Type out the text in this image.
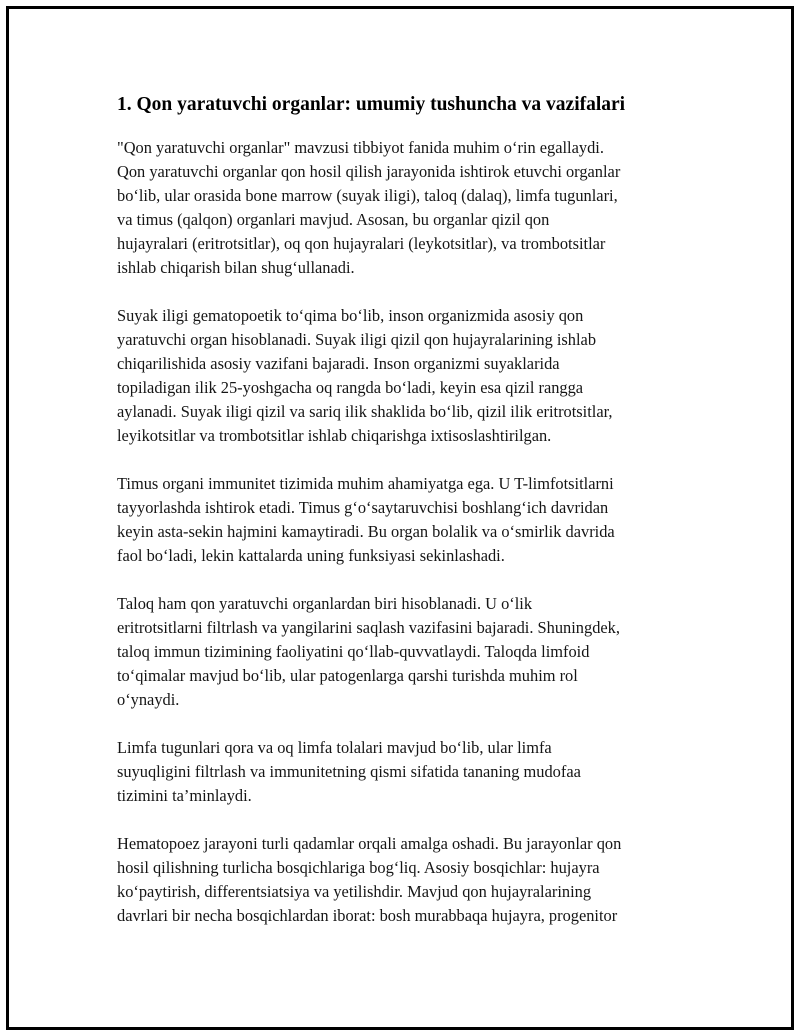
1. Qon yaratuvchi organlar: umumiy tushuncha va vazifalari

"Qon yaratuvchi organlar" mavzusi tibbiyot fanida muhim o‘rin egallaydi.
Qon yaratuvchi organlar qon hosil qilish jarayonida ishtirok etuvchi organlar
bo‘lib, ular orasida bone marrow (suyak iligi), taloq (dalaq), limfa tugunlari,
va timus (qalqon) organlari mavjud. Asosan, bu organlar qizil qon
hujayralari (eritrotsitlar), oq qon hujayralari (leykotsitlar), va trombotsitlar
ishlab chiqarish bilan shug‘ullanadi.

Suyak iligi gematopoetik to‘qima bo‘lib, inson organizmida asosiy qon
yaratuvchi organ hisoblanadi. Suyak iligi qizil qon hujayralarining ishlab
chiqarilishida asosiy vazifani bajaradi. Inson organizmi suyaklarida
topiladigan ilik 25-yoshgacha oq rangda bo‘ladi, keyin esa qizil rangga
aylanadi. Suyak iligi qizil va sariq ilik shaklida bo‘lib, qizil ilik eritrotsitlar,
leyikotsitlar va trombotsitlar ishlab chiqarishga ixtisoslashtirilgan.

Timus organi immunitet tizimida muhim ahamiyatga ega. U T-limfotsitlarni
tayyorlashda ishtirok etadi. Timus g‘o‘saytaruvchisi boshlang‘ich davridan
keyin asta-sekin hajmini kamaytiradi. Bu organ bolalik va o‘smirlik davrida
faol bo‘ladi, lekin kattalarda uning funksiyasi sekinlashadi.

Taloq ham qon yaratuvchi organlardan biri hisoblanadi. U o‘lik
eritrotsitlarni filtrlash va yangilarini saqlash vazifasini bajaradi. Shuningdek,
taloq immun tizimining faoliyatini qo‘llab-quvvatlaydi. Taloqda limfoid
to‘qimalar mavjud bo‘lib, ular patogenlarga qarshi turishda muhim rol
o‘ynaydi.

Limfa tugunlari qora va oq limfa tolalari mavjud bo‘lib, ular limfa
suyuqligini filtrlash va immunitetning qismi sifatida tananing mudofaa
tizimini ta’minlaydi.

Hematopoez jarayoni turli qadamlar orqali amalga oshadi. Bu jarayonlar qon
hosil qilishning turlicha bosqichlariga bog‘liq. Asosiy bosqichlar: hujayra
ko‘paytirish, differentsiatsiya va yetilishdir. Mavjud qon hujayralarining
davrlari bir necha bosqichlardan iborat: bosh murabbaqa hujayra, progenitor
